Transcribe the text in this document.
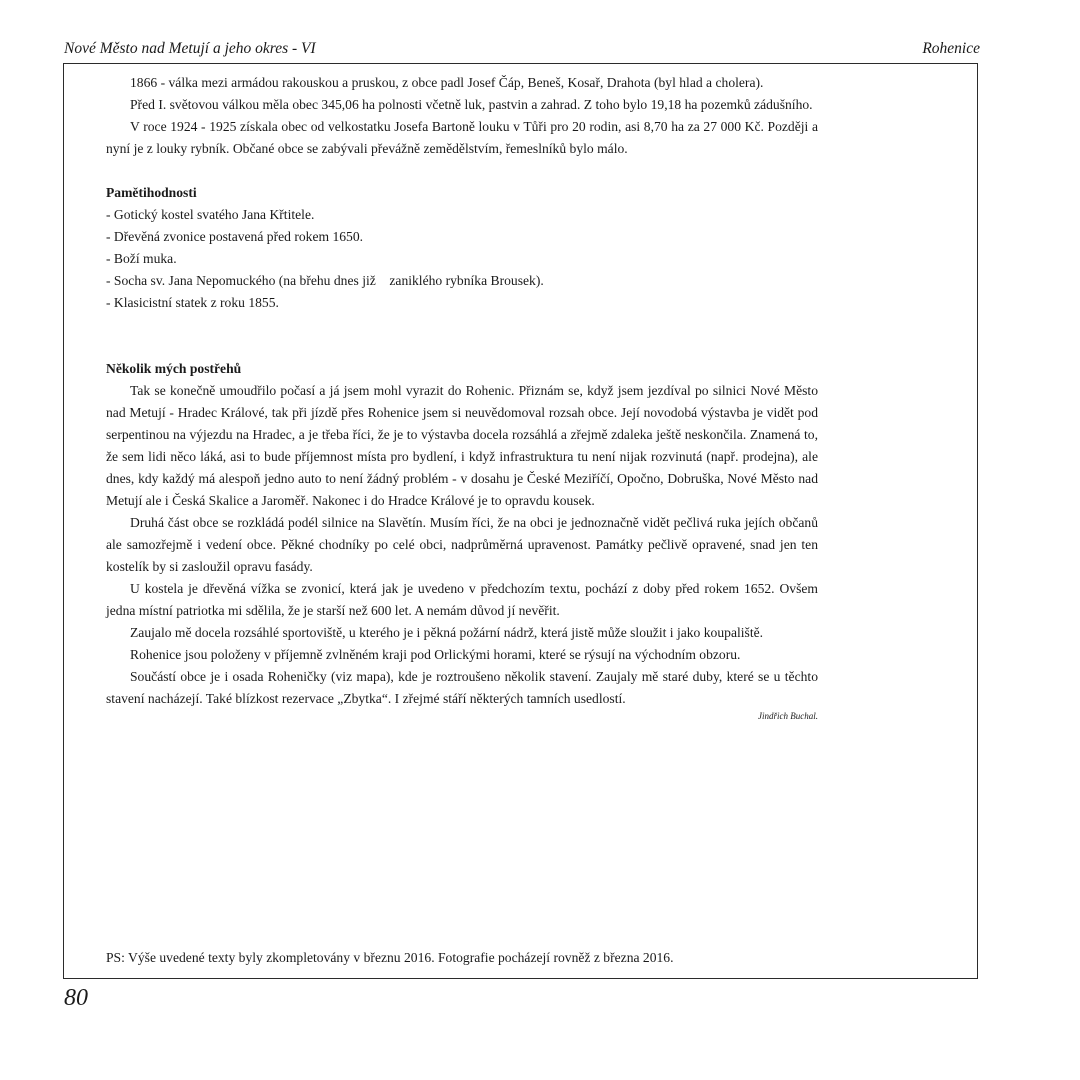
Nové Město nad Metují a jeho okres - VI	Rohenice

1866 - válka mezi armádou rakouskou a pruskou, z obce padl Josef Čáp, Beneš, Kosař, Drahota (byl hlad a cholera).

Před I. světovou válkou měla obec 345,06 ha polnosti včetně luk, pastvin a zahrad. Z toho bylo 19,18 ha pozemků zádušního.

V roce 1924 - 1925 získala obec od velkostatku Josefa Bartoně louku v Tůři pro 20 rodin, asi 8,70 ha za 27 000 Kč. Později a nyní je z louky rybník. Občané obce se zabývali převážně zemědělstvím, řemeslníků bylo málo.

Pamětihodnosti
- Gotický kostel svatého Jana Křtitele.
- Dřevěná zvonice postavená před rokem 1650.
- Boží muka.
- Socha sv. Jana Nepomuckého (na břehu dnes již    zaniklého rybníka Brousek).
- Klasicistní statek z roku 1855.
Několik mých postřehů

Tak se konečně umoudřilo počasí a já jsem mohl vyrazit do Rohenic. Přiznám se, když jsem jezdíval po silnici Nové Město nad Metují - Hradec Králové, tak při jízdě přes Rohenice jsem si neuvědomoval rozsah obce. Její novodobá výstavba je vidět pod serpentinou na výjezdu na Hradec, a je třeba říci, že je to výstavba docela rozsáhlá a zřejmě zdaleka ještě neskončila. Znamená to, že sem lidi něco láká, asi to bude příjemnost místa pro bydlení, i když infrastruktura tu není nijak rozvinutá (např. prodejna), ale dnes, kdy každý má alespoň jedno auto to není žádný problém - v dosahu je České Meziříčí, Opočno, Dobruška, Nové Město nad Metují ale i Česká Skalice a Jaroměř. Nakonec i do Hradce Králové je to opravdu kousek.

Druhá část obce se rozkládá podél silnice na Slavětín. Musím říci, že na obci je jednoznačně vidět pečlivá ruka jejích občanů ale samozřejmě i vedení obce. Pěkné chodníky po celé obci, nadprůměrná upravenost. Památky pečlivě opravené, snad jen ten kostelík by si zasloužil opravu fasády.

U kostela je dřevěná vížka se zvonicí, která jak je uvedeno v předchozím textu, pochází z doby před rokem 1652. Ovšem jedna místní patriotka mi sdělila, že je starší než 600 let. A nemám důvod jí nevěřit.

Zaujalo mě docela rozsáhlé sportoviště, u kterého je i pěkná požární nádrž, která jistě může sloužit i jako koupaliště.

Rohenice jsou položeny v příjemně zvlněném kraji pod Orlickými horami, které se rýsují na východním obzoru.

Součástí obce je i osada Roheničky (viz mapa), kde je roztroušeno několik stavení. Zaujaly mě staré duby, které se u těchto stavení nacházejí. Také blízkost rezervace „Zbytka“. I zřejmé stáří některých tamních usedlostí.

Jindřich Buchal.
PS: Výše uvedené texty byly zkompletovány v březnu 2016. Fotografie pocházejí rovněž z března 2016.
80
